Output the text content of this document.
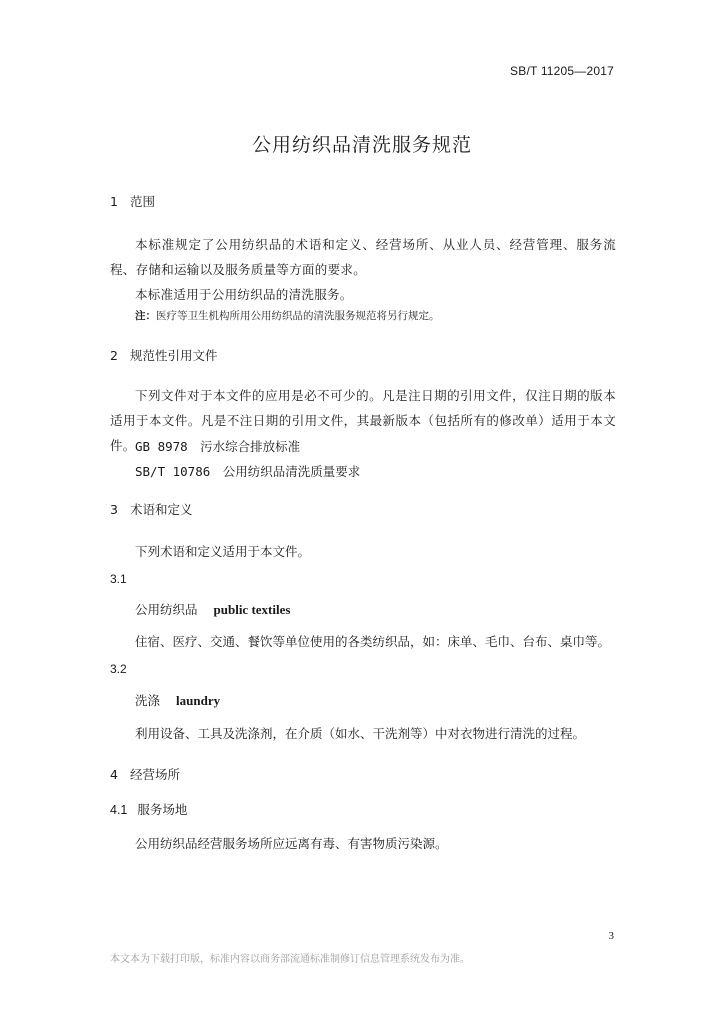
SB/T 11205—2017
公用纺织品清洗服务规范
1 范围
本标准规定了公用纺织品的术语和定义、经营场所、从业人员、经营管理、服务流程、存储和运输以及服务质量等方面的要求。
本标准适用于公用纺织品的清洗服务。
注：医疗等卫生机构所用公用纺织品的清洗服务规范将另行规定。
2 规范性引用文件
下列文件对于本文件的应用是必不可少的。凡是注日期的引用文件，仅注日期的版本适用于本文件。凡是不注日期的引用文件，其最新版本（包括所有的修改单）适用于本文件。 GB 8978　污水综合排放标准
SB/T 10786　公用纺织品清洗质量要求
3 术语和定义
下列术语和定义适用于本文件。
3.1
公用纺织品 public textiles
住宿、医疗、交通、餐饮等单位使用的各类纺织品，如：床单、毛巾、台布、桌巾等。
3.2
洗涤 laundry
利用设备、工具及洗涤剂，在介质（如水、干洗剂等）中对衣物进行清洗的过程。
4 经营场所
4.1 服务场地
公用纺织品经营服务场所应远离有毒、有害物质污染源。
3
本文本为下载打印版，标准内容以商务部流通标准制修订信息管理系统发布为准。
